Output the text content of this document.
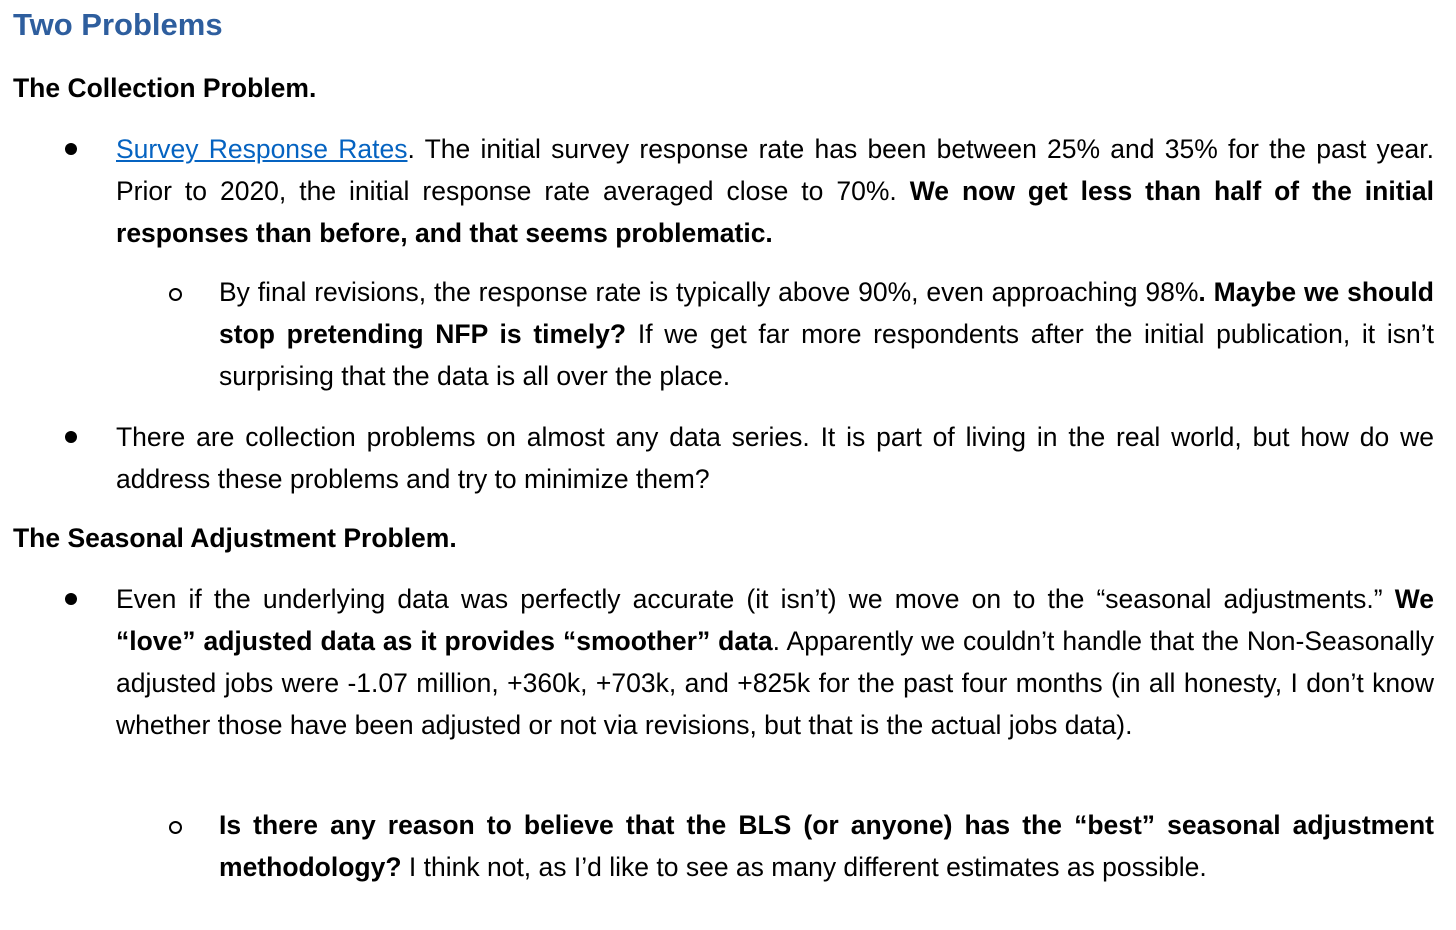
Two Problems
The Collection Problem.

Survey Response Rates. The initial survey response rate has been between 25% and 35% for the past year. Prior to 2020, the initial response rate averaged close to 70%. We now get less than half of the initial responses than before, and that seems problematic.

By final revisions, the response rate is typically above 90%, even approaching 98%. Maybe we should stop pretending NFP is timely? If we get far more respondents after the initial publication, it isn’t surprising that the data is all over the place.

There are collection problems on almost any data series. It is part of living in the real world, but how do we address these problems and try to minimize them?

The Seasonal Adjustment Problem.

Even if the underlying data was perfectly accurate (it isn’t) we move on to the “seasonal adjustments.” We “love” adjusted data as it provides “smoother” data. Apparently we couldn’t handle that the Non-Seasonally adjusted jobs were -1.07 million, +360k, +703k, and +825k for the past four months (in all honesty, I don’t know whether those have been adjusted or not via revisions, but that is the actual jobs data).

Is there any reason to believe that the BLS (or anyone) has the “best” seasonal adjustment methodology? I think not, as I’d like to see as many different estimates as possible.
